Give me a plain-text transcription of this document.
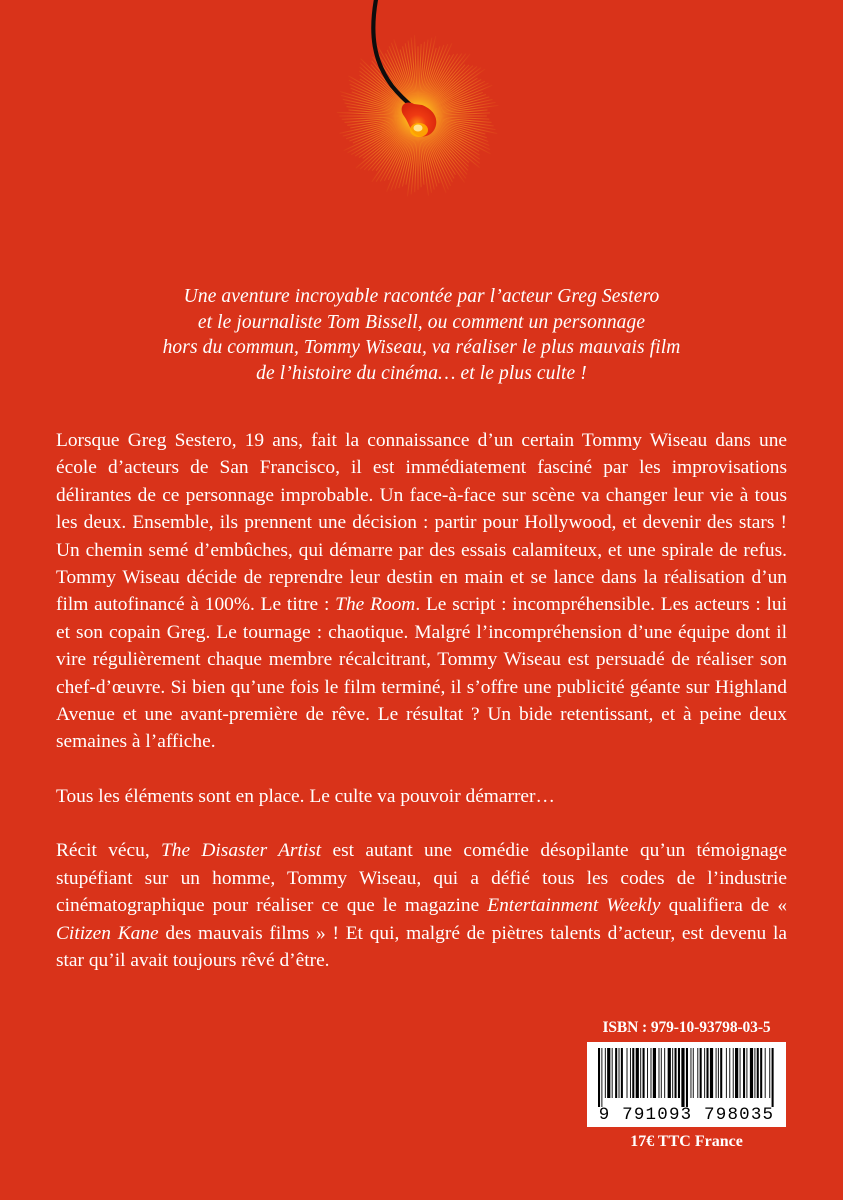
Une aventure incroyable racontée par l’acteur Greg Sestero
et le journaliste Tom Bissell, ou comment un personnage
hors du commun, Tommy Wiseau, va réaliser le plus mauvais film
de l’histoire du cinéma… et le plus culte !

Lorsque Greg Sestero, 19 ans, fait la connaissance d’un certain Tommy Wiseau dans une école d’acteurs de San Francisco, il est immédiatement fasciné par les improvisations délirantes de ce personnage improbable. Un face-à-face sur scène va changer leur vie à tous les deux. Ensemble, ils prennent une décision : partir pour Hollywood, et devenir des stars ! Un chemin semé d’embûches, qui démarre par des essais calamiteux, et une spirale de refus. Tommy Wiseau décide de reprendre leur destin en main et se lance dans la réalisation d’un film autofinancé à 100%. Le titre : The Room. Le script : incompréhensible. Les acteurs : lui et son copain Greg. Le tournage : chaotique. Malgré l’incompréhension d’une équipe dont il vire régulièrement chaque membre récalcitrant, Tommy Wiseau est persuadé de réaliser son chef-d’œuvre. Si bien qu’une fois le film terminé, il s’offre une publicité géante sur Highland Avenue et une avant-première de rêve. Le résultat ? Un bide retentissant, et à peine deux semaines à l’affiche.

Tous les éléments sont en place. Le culte va pouvoir démarrer…

Récit vécu, The Disaster Artist est autant une comédie désopilante qu’un témoignage stupéfiant sur un homme, Tommy Wiseau, qui a défié tous les codes de l’industrie cinématographique pour réaliser ce que le magazine Entertainment Weekly qualifiera de « Citizen Kane des mauvais films » ! Et qui, malgré de piètres talents d’acteur, est devenu la star qu’il avait toujours rêvé d’être.

ISBN : 979-10-93798-03-5
9 791093 798035
17€ TTC France
